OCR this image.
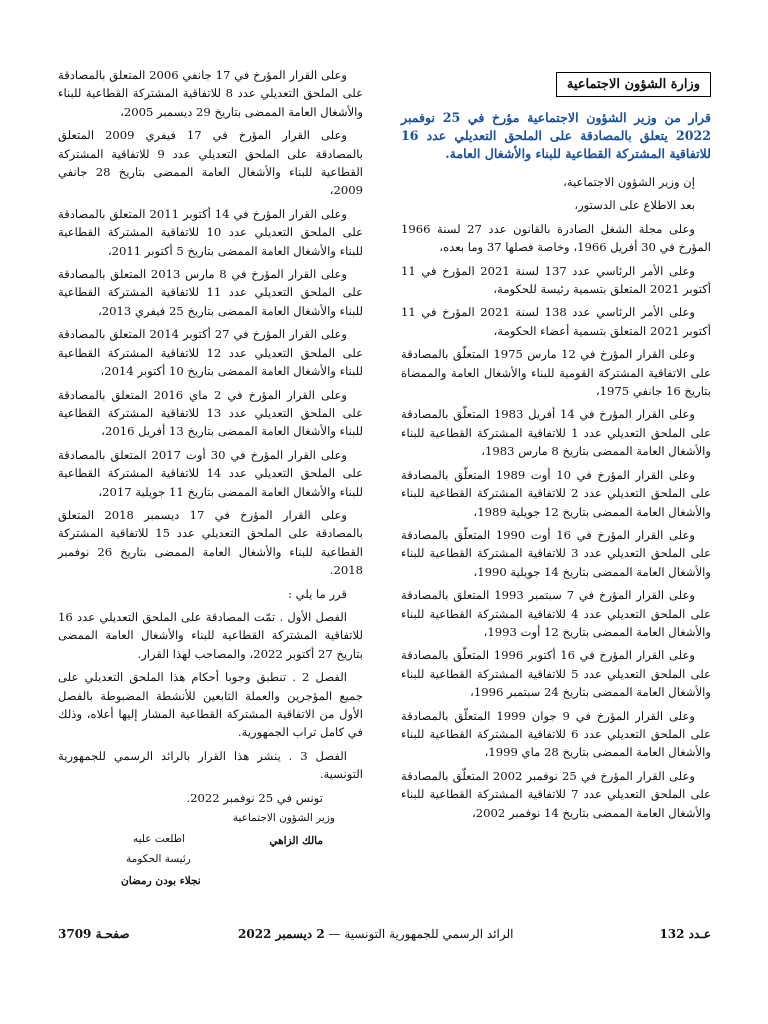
وزارة الشؤون الاجتماعية
قرار من وزير الشؤون الاجتماعية مؤرخ في 25 نوفمبر 2022 يتعلق بالمصادقة على الملحق التعديلي عدد 16 للاتفاقية المشتركة القطاعية للبناء والأشغال العامة.
إن وزير الشؤون الاجتماعية،
بعد الاطلاع على الدستور،
وعلى مجلة الشغل الصادرة بالقانون عدد 27 لسنة 1966 المؤرخ في 30 أفريل 1966، وخاصة فصلها 37 وما بعده،
وعلى الأمر الرئاسي عدد 137 لسنة 2021 المؤرخ في 11 أكتوبر 2021 المتعلق بتسمية رئيسة للحكومة،
وعلى الأمر الرئاسي عدد 138 لسنة 2021 المؤرخ في 11 أكتوبر 2021 المتعلق بتسمية أعضاء الحكومة،
وعلى القرار المؤرخ في 12 مارس 1975 المتعلّق بالمصادقة على الاتفاقية المشتركة القومية للبناء والأشغال العامة والممضاة بتاريخ 16 جانفي 1975،
وعلى القرار المؤرخ في 14 أفريل 1983 المتعلّق بالمصادقة على الملحق التعديلي عدد 1 للاتفاقية المشتركة القطاعية للبناء والأشغال العامة الممضى بتاريخ 8 مارس 1983،
وعلى القرار المؤرخ في 10 أوت 1989 المتعلّق بالمصادقة على الملحق التعديلي عدد 2 للاتفاقية المشتركة القطاعية للبناء والأشغال العامة الممضى بتاريخ 12 جويلية 1989،
وعلى القرار المؤرخ في 16 أوت 1990 المتعلّق بالمصادقة على الملحق التعديلي عدد 3 للاتفاقية المشتركة القطاعية للبناء والأشغال العامة الممضى بتاريخ 14 جويلية 1990،
وعلى القرار المؤرخ في 7 سبتمبر 1993 المتعلق بالمصادقة على الملحق التعديلي عدد 4 للاتفاقية المشتركة القطاعية للبناء والأشغال العامة الممضى بتاريخ 12 أوت 1993،
وعلى القرار المؤرخ في 16 أكتوبر 1996 المتعلّق بالمصادقة على الملحق التعديلي عدد 5 للاتفاقية المشتركة القطاعية للبناء والأشغال العامة الممضى بتاريخ 24 سبتمبر 1996،
وعلى القرار المؤرخ في 9 جوان 1999 المتعلّق بالمصادقة على الملحق التعديلي عدد 6 للاتفاقية المشتركة القطاعية للبناء والأشغال العامة الممضى بتاريخ 28 ماي 1999،
وعلى القرار المؤرخ في 25 نوفمبر 2002 المتعلّق بالمصادقة على الملحق التعديلي عدد 7 للاتفاقية المشتركة القطاعية للبناء والأشغال العامة الممضى بتاريخ 14 نوفمبر 2002،
وعلى القرار المؤرخ في 17 جانفي 2006 المتعلق بالمصادقة على الملحق التعديلي عدد 8 للاتفاقية المشتركة القطاعية للبناء والأشغال العامة الممضى بتاريخ 29 ديسمبر 2005،
وعلى القرار المؤرخ في 17 فيفري 2009 المتعلق بالمصادقة على الملحق التعديلي عدد 9 للاتفاقية المشتركة القطاعية للبناء والأشغال العامة الممضى بتاريخ 28 جانفي 2009،
وعلى القرار المؤرخ في 14 أكتوبر 2011 المتعلق بالمصادقة على الملحق التعديلي عدد 10 للاتفاقية المشتركة القطاعية للبناء والأشغال العامة الممضى بتاريخ 5 أكتوبر 2011،
وعلى القرار المؤرخ في 8 مارس 2013 المتعلق بالمصادقة على الملحق التعديلي عدد 11 للاتفاقية المشتركة القطاعية للبناء والأشغال العامة الممضى بتاريخ 25 فيفري 2013،
وعلى القرار المؤرخ في 27 أكتوبر 2014 المتعلق بالمصادقة على الملحق التعديلي عدد 12 للاتفاقية المشتركة القطاعية للبناء والأشغال العامة الممضى بتاريخ 10 أكتوبر 2014،
وعلى القرار المؤرخ في 2 ماي 2016 المتعلق بالمصادقة على الملحق التعديلي عدد 13 للاتفاقية المشتركة القطاعية للبناء والأشغال العامة الممضى بتاريخ 13 أفريل 2016،
وعلى القرار المؤرخ في 30 أوت 2017 المتعلق بالمصادقة على الملحق التعديلي عدد 14 للاتفاقية المشتركة القطاعية للبناء والأشغال العامة الممضى بتاريخ 11 جويلية 2017،
وعلى القرار المؤرخ في 17 ديسمبر 2018 المتعلق بالمصادقة على الملحق التعديلي عدد 15 للاتفاقية المشتركة القطاعية للبناء والأشغال العامة الممضى بتاريخ 26 نوفمبر 2018.
قرر ما يلي :
الفصل الأول . تمّت المصادقة على الملحق التعديلي عدد 16 للاتفاقية المشتركة القطاعية للبناء والأشغال العامة الممضى بتاريخ 27 أكتوبر 2022، والمصاحب لهذا القرار.
الفصل 2 . تنطبق وجوبا أحكام هذا الملحق التعديلي على جميع المؤجرين والعملة التابعين للأنشطة المضبوطة بالفصل الأول من الاتفاقية المشتركة القطاعية المشار إليها أعلاه، وذلك في كامل تراب الجمهورية.
الفصل 3 . ينشر هذا القرار بالرائد الرسمي للجمهورية التونسية.
تونس في 25 نوفمبر 2022.
وزير الشؤون الاجتماعية
مالك الزاهي
اطلعت عليه
رئيسة الحكومة
نجلاء بودن رمضان
عـدد 132
الرائد الرسمي للجمهورية التونسية — 2 ديسمبر 2022
صفحـة 3709
